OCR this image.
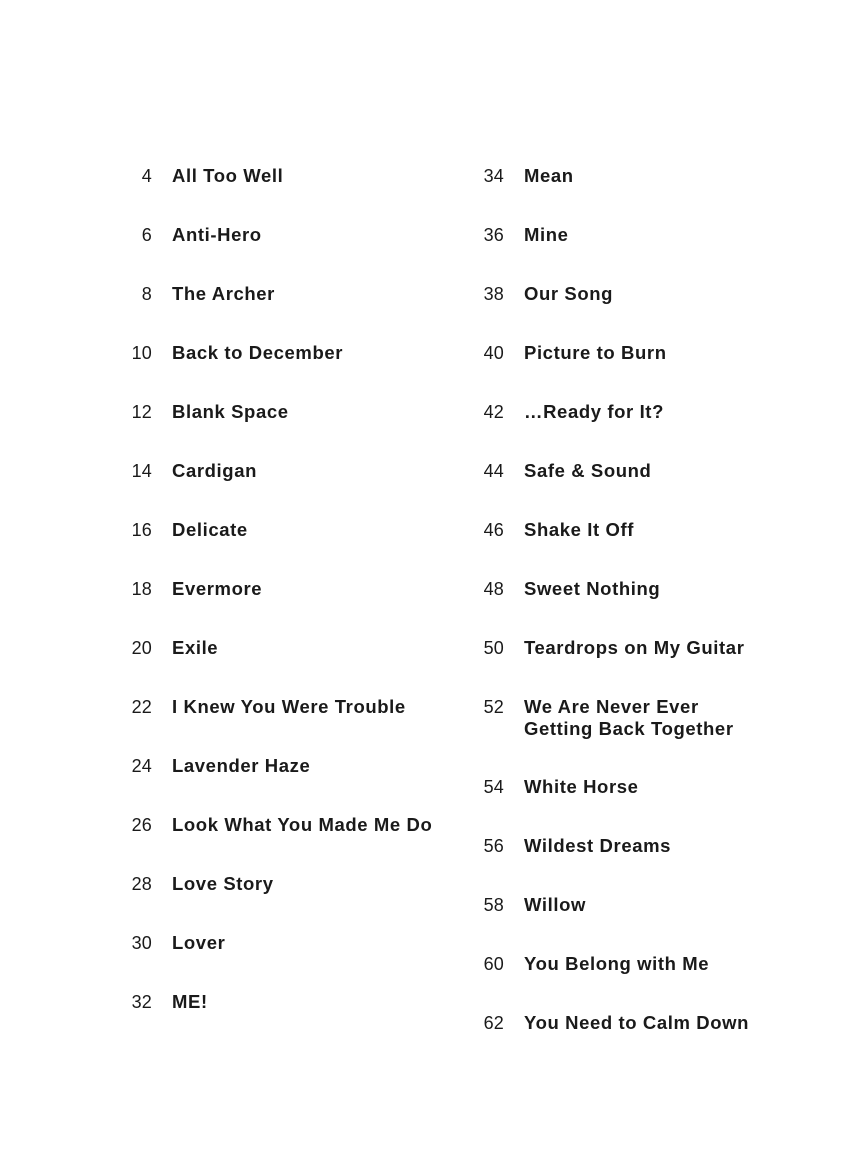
4 All Too Well
6 Anti-Hero
8 The Archer
10 Back to December
12 Blank Space
14 Cardigan
16 Delicate
18 Evermore
20 Exile
22 I Knew You Were Trouble
24 Lavender Haze
26 Look What You Made Me Do
28 Love Story
30 Lover
32 ME!
34 Mean
36 Mine
38 Our Song
40 Picture to Burn
42 …Ready for It?
44 Safe & Sound
46 Shake It Off
48 Sweet Nothing
50 Teardrops on My Guitar
52 We Are Never Ever Getting Back Together
54 White Horse
56 Wildest Dreams
58 Willow
60 You Belong with Me
62 You Need to Calm Down
